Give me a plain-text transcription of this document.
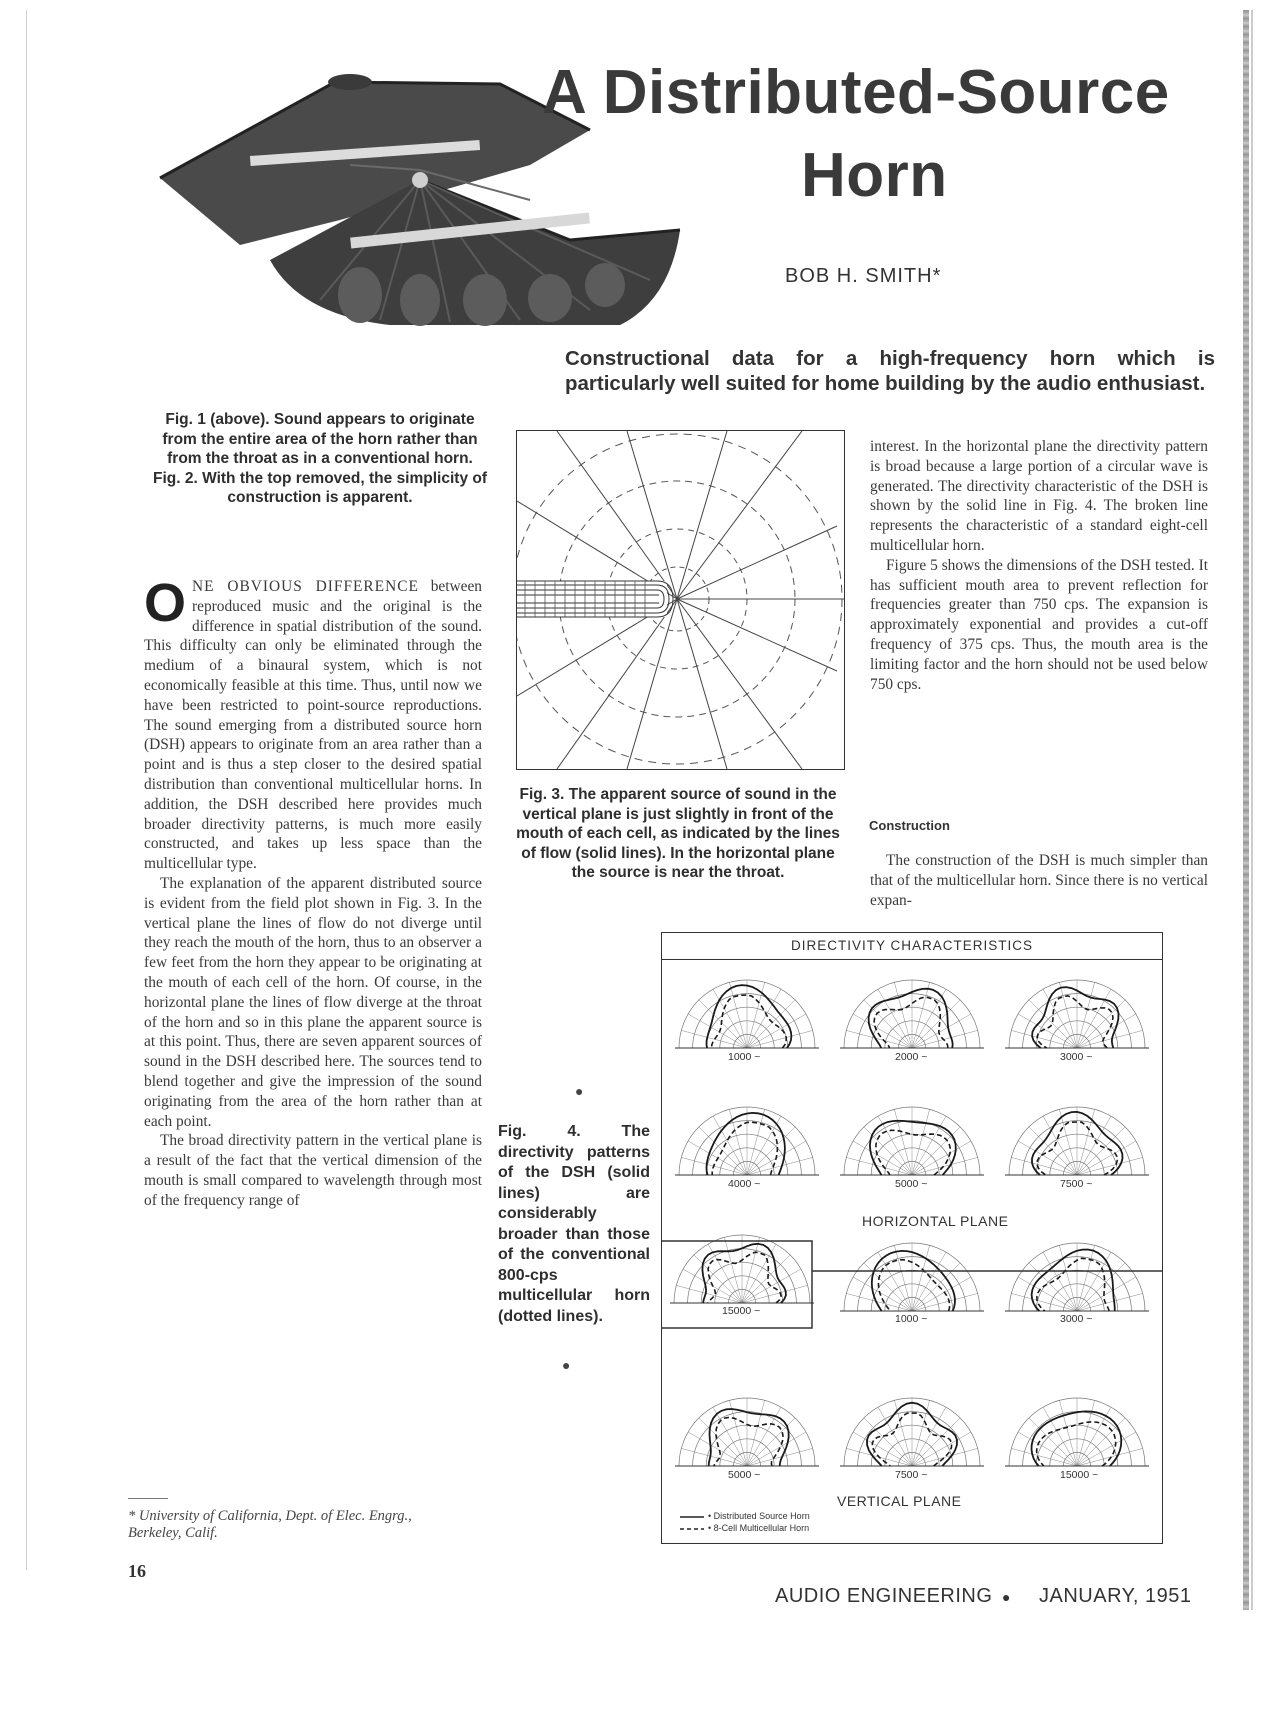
A Distributed-Source
Horn
BOB H. SMITH*
Constructional data for a high-frequency horn which is particularly well suited for home building by the audio enthusiast.
Fig. 1 (above). Sound appears to originate from the entire area of the horn rather than from the throat as in a conventional horn. Fig. 2. With the top removed, the simplicity of construction is apparent.

ONE OBVIOUS DIFFERENCE between reproduced music and the original is the difference in spatial distribution of the sound. This difficulty can only be eliminated through the medium of a binaural system, which is not economically feasible at this time. Thus, until now we have been restricted to point-source reproductions. The sound emerging from a distributed source horn (DSH) appears to originate from an area rather than a point and is thus a step closer to the desired spatial distribution than conventional multicellular horns. In addition, the DSH described here provides much broader directivity patterns, is much more easily constructed, and takes up less space than the multicellular type.

The explanation of the apparent distributed source is evident from the field plot shown in Fig. 3. In the vertical plane the lines of flow do not diverge until they reach the mouth of the horn, thus to an observer a few feet from the horn they appear to be originating at the mouth of each cell of the horn. Of course, in the horizontal plane the lines of flow diverge at the throat of the horn and so in this plane the apparent source is at this point. Thus, there are seven apparent sources of sound in the DSH described here. The sources tend to blend together and give the impression of the sound originating from the area of the horn rather than at each point.

The broad directivity pattern in the vertical plane is a result of the fact that the vertical dimension of the mouth is small compared to wavelength through most of the frequency range of

* University of California, Dept. of Elec. Engrg., Berkeley, Calif.
16
Fig. 3. The apparent source of sound in the vertical plane is just slightly in front of the mouth of each cell, as indicated by the lines of flow (solid lines). In the horizontal plane the source is near the throat.

interest. In the horizontal plane the directivity pattern is broad because a large portion of a circular wave is generated. The directivity characteristic of the DSH is shown by the solid line in Fig. 4. The broken line represents the characteristic of a standard eight-cell multicellular horn.

Figure 5 shows the dimensions of the DSH tested. It has sufficient mouth area to prevent reflection for frequencies greater than 750 cps. The expansion is approximately exponential and provides a cut-off frequency of 375 cps. Thus, the mouth area is the limiting factor and the horn should not be used below 750 cps.

Construction

The construction of the DSH is much simpler than that of the multicellular horn. Since there is no vertical expan-

●
Fig. 4. The directivity patterns of the DSH (solid lines) are considerably broader than those of the conventional 800-cps multicellular horn (dotted lines).
●
DIRECTIVITY CHARACTERISTICS
1000 ~	2000 ~	3000 ~
4000 ~	5000 ~	7500 ~
HORIZONTAL PLANE
15000 ~
1000 ~	3000 ~
5000 ~	7500 ~	15000 ~
VERTICAL PLANE
• Distributed Source Horn
• 8-Cell Multicellular Horn
AUDIO ENGINEERING ● JANUARY, 1951
